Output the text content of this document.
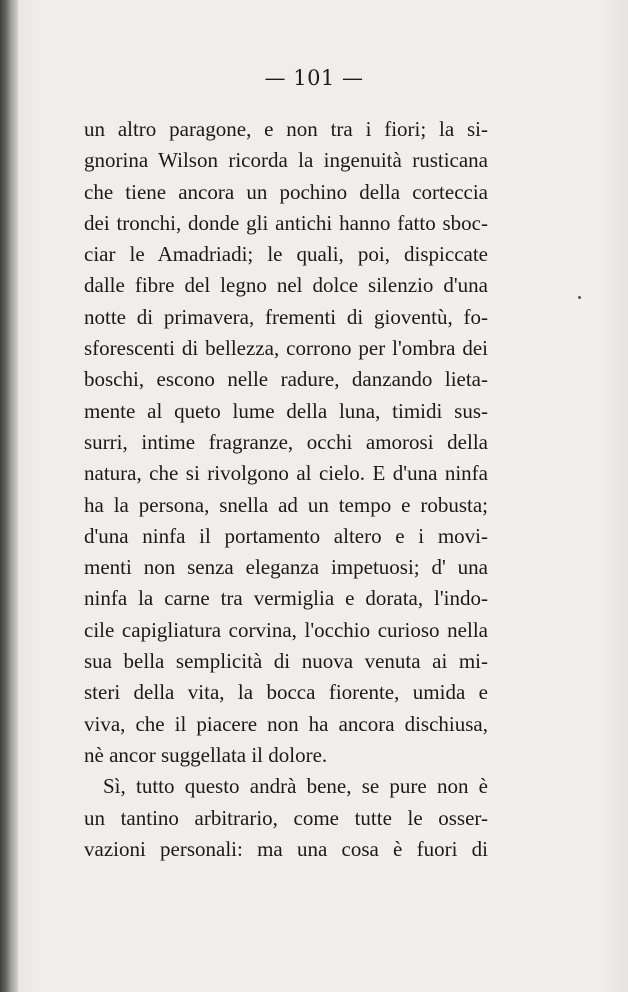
— 101 —
un altro paragone, e non tra i fiori; la si-
gnorina Wilson ricorda la ingenuità rusticana
che tiene ancora un pochino della corteccia
dei tronchi, donde gli antichi hanno fatto sboc-
ciar le Amadriadi; le quali, poi, dispiccate
dalle fibre del legno nel dolce silenzio d'una
notte di primavera, frementi di gioventù, fo-
sforescenti di bellezza, corrono per l'ombra dei
boschi, escono nelle radure, danzando lieta-
mente al queto lume della luna, timidi sus-
surri, intime fragranze, occhi amorosi della
natura, che si rivolgono al cielo. E d'una ninfa
ha la persona, snella ad un tempo e robusta;
d'una ninfa il portamento altero e i movi-
menti non senza eleganza impetuosi; d' una
ninfa la carne tra vermiglia e dorata, l'indo-
cile capigliatura corvina, l'occhio curioso nella
sua bella semplicità di nuova venuta ai mi-
steri della vita, la bocca fiorente, umida e
viva, che il piacere non ha ancora dischiusa,
nè ancor suggellata il dolore.
Sì, tutto questo andrà bene, se pure non è
un tantino arbitrario, come tutte le osser-
vazioni personali: ma una cosa è fuori di
